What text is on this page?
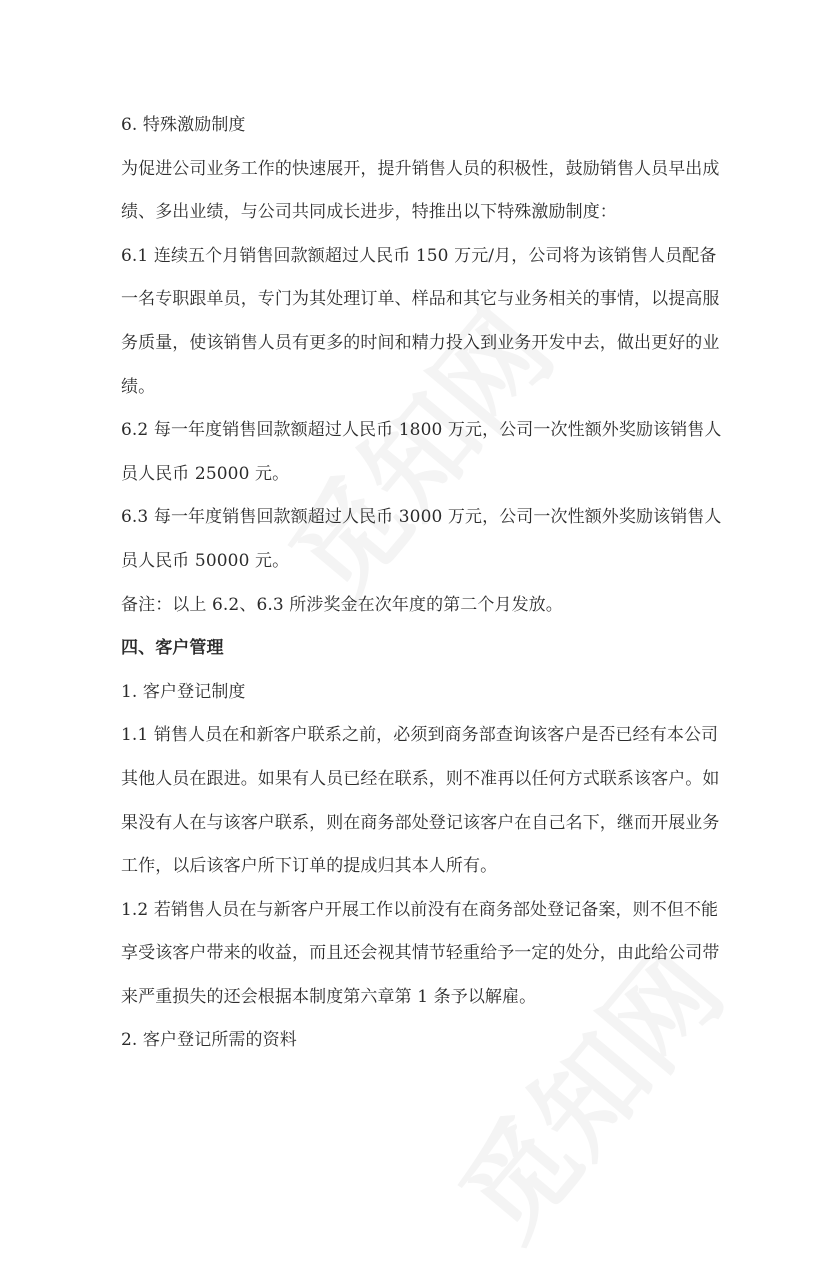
6. 特殊激励制度
为促进公司业务工作的快速展开，提升销售人员的积极性，鼓励销售人员早出成
绩、多出业绩，与公司共同成长进步，特推出以下特殊激励制度：
6.1 连续五个月销售回款额超过人民币 150 万元/月，公司将为该销售人员配备
一名专职跟单员，专门为其处理订单、样品和其它与业务相关的事情，以提高服
务质量，使该销售人员有更多的时间和精力投入到业务开发中去，做出更好的业
绩。
6.2 每一年度销售回款额超过人民币 1800 万元，公司一次性额外奖励该销售人
员人民币 25000 元。
6.3 每一年度销售回款额超过人民币 3000 万元，公司一次性额外奖励该销售人
员人民币 50000 元。
备注：以上 6.2、6.3 所涉奖金在次年度的第二个月发放。
四、客户管理
1. 客户登记制度
1.1 销售人员在和新客户联系之前，必须到商务部查询该客户是否已经有本公司
其他人员在跟进。如果有人员已经在联系，则不准再以任何方式联系该客户。如
果没有人在与该客户联系，则在商务部处登记该客户在自己名下，继而开展业务
工作，以后该客户所下订单的提成归其本人所有。
1.2 若销售人员在与新客户开展工作以前没有在商务部处登记备案，则不但不能
享受该客户带来的收益，而且还会视其情节轻重给予一定的处分，由此给公司带
来严重损失的还会根据本制度第六章第 1 条予以解雇。
2. 客户登记所需的资料
